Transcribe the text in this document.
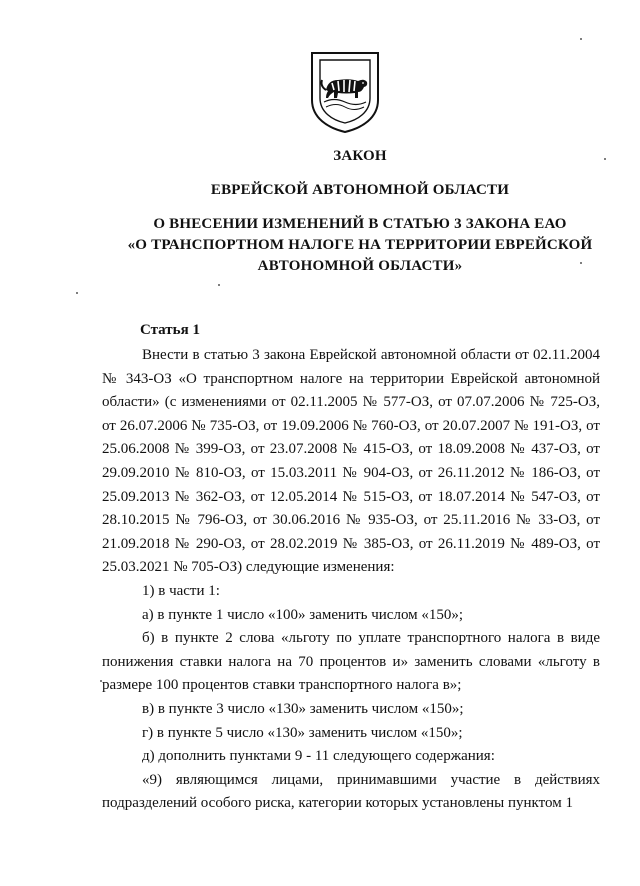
ЗАКОН
ЕВРЕЙСКОЙ АВТОНОМНОЙ ОБЛАСТИ
О ВНЕСЕНИИ ИЗМЕНЕНИЙ В СТАТЬЮ 3 ЗАКОНА ЕАО
«О ТРАНСПОРТНОМ НАЛОГЕ НА ТЕРРИТОРИИ ЕВРЕЙСКОЙ
АВТОНОМНОЙ ОБЛАСТИ»
Статья 1

Внести в статью 3 закона Еврейской автономной области от 02.11.2004 № 343-ОЗ «О транспортном налоге на территории Еврейской автономной области» (с изменениями от 02.11.2005 № 577-ОЗ, от 07.07.2006 № 725-ОЗ, от 26.07.2006 № 735-ОЗ, от 19.09.2006 № 760-ОЗ, от 20.07.2007 № 191-ОЗ, от 25.06.2008 № 399-ОЗ, от 23.07.2008 № 415-ОЗ, от 18.09.2008 № 437-ОЗ, от 29.09.2010 № 810-ОЗ, от 15.03.2011 № 904-ОЗ, от 26.11.2012 № 186-ОЗ, от 25.09.2013 № 362-ОЗ, от 12.05.2014 № 515-ОЗ, от 18.07.2014 № 547-ОЗ, от 28.10.2015 № 796-ОЗ, от 30.06.2016 № 935-ОЗ, от 25.11.2016 № 33-ОЗ, от 21.09.2018 № 290-ОЗ, от 28.02.2019 № 385-ОЗ, от 26.11.2019 № 489-ОЗ, от 25.03.2021 № 705-ОЗ) следующие изменения:

1) в части 1:

а) в пункте 1 число «100» заменить числом «150»;

б) в пункте 2 слова «льготу по уплате транспортного налога в виде понижения ставки налога на 70 процентов и» заменить словами «льготу в размере 100 процентов ставки транспортного налога в»;

в) в пункте 3 число «130» заменить числом «150»;

г) в пункте 5 число «130» заменить числом «150»;

д) дополнить пунктами 9 - 11 следующего содержания:

«9) являющимся лицами, принимавшими участие в действиях подразделений особого риска, категории которых установлены пунктом 1
